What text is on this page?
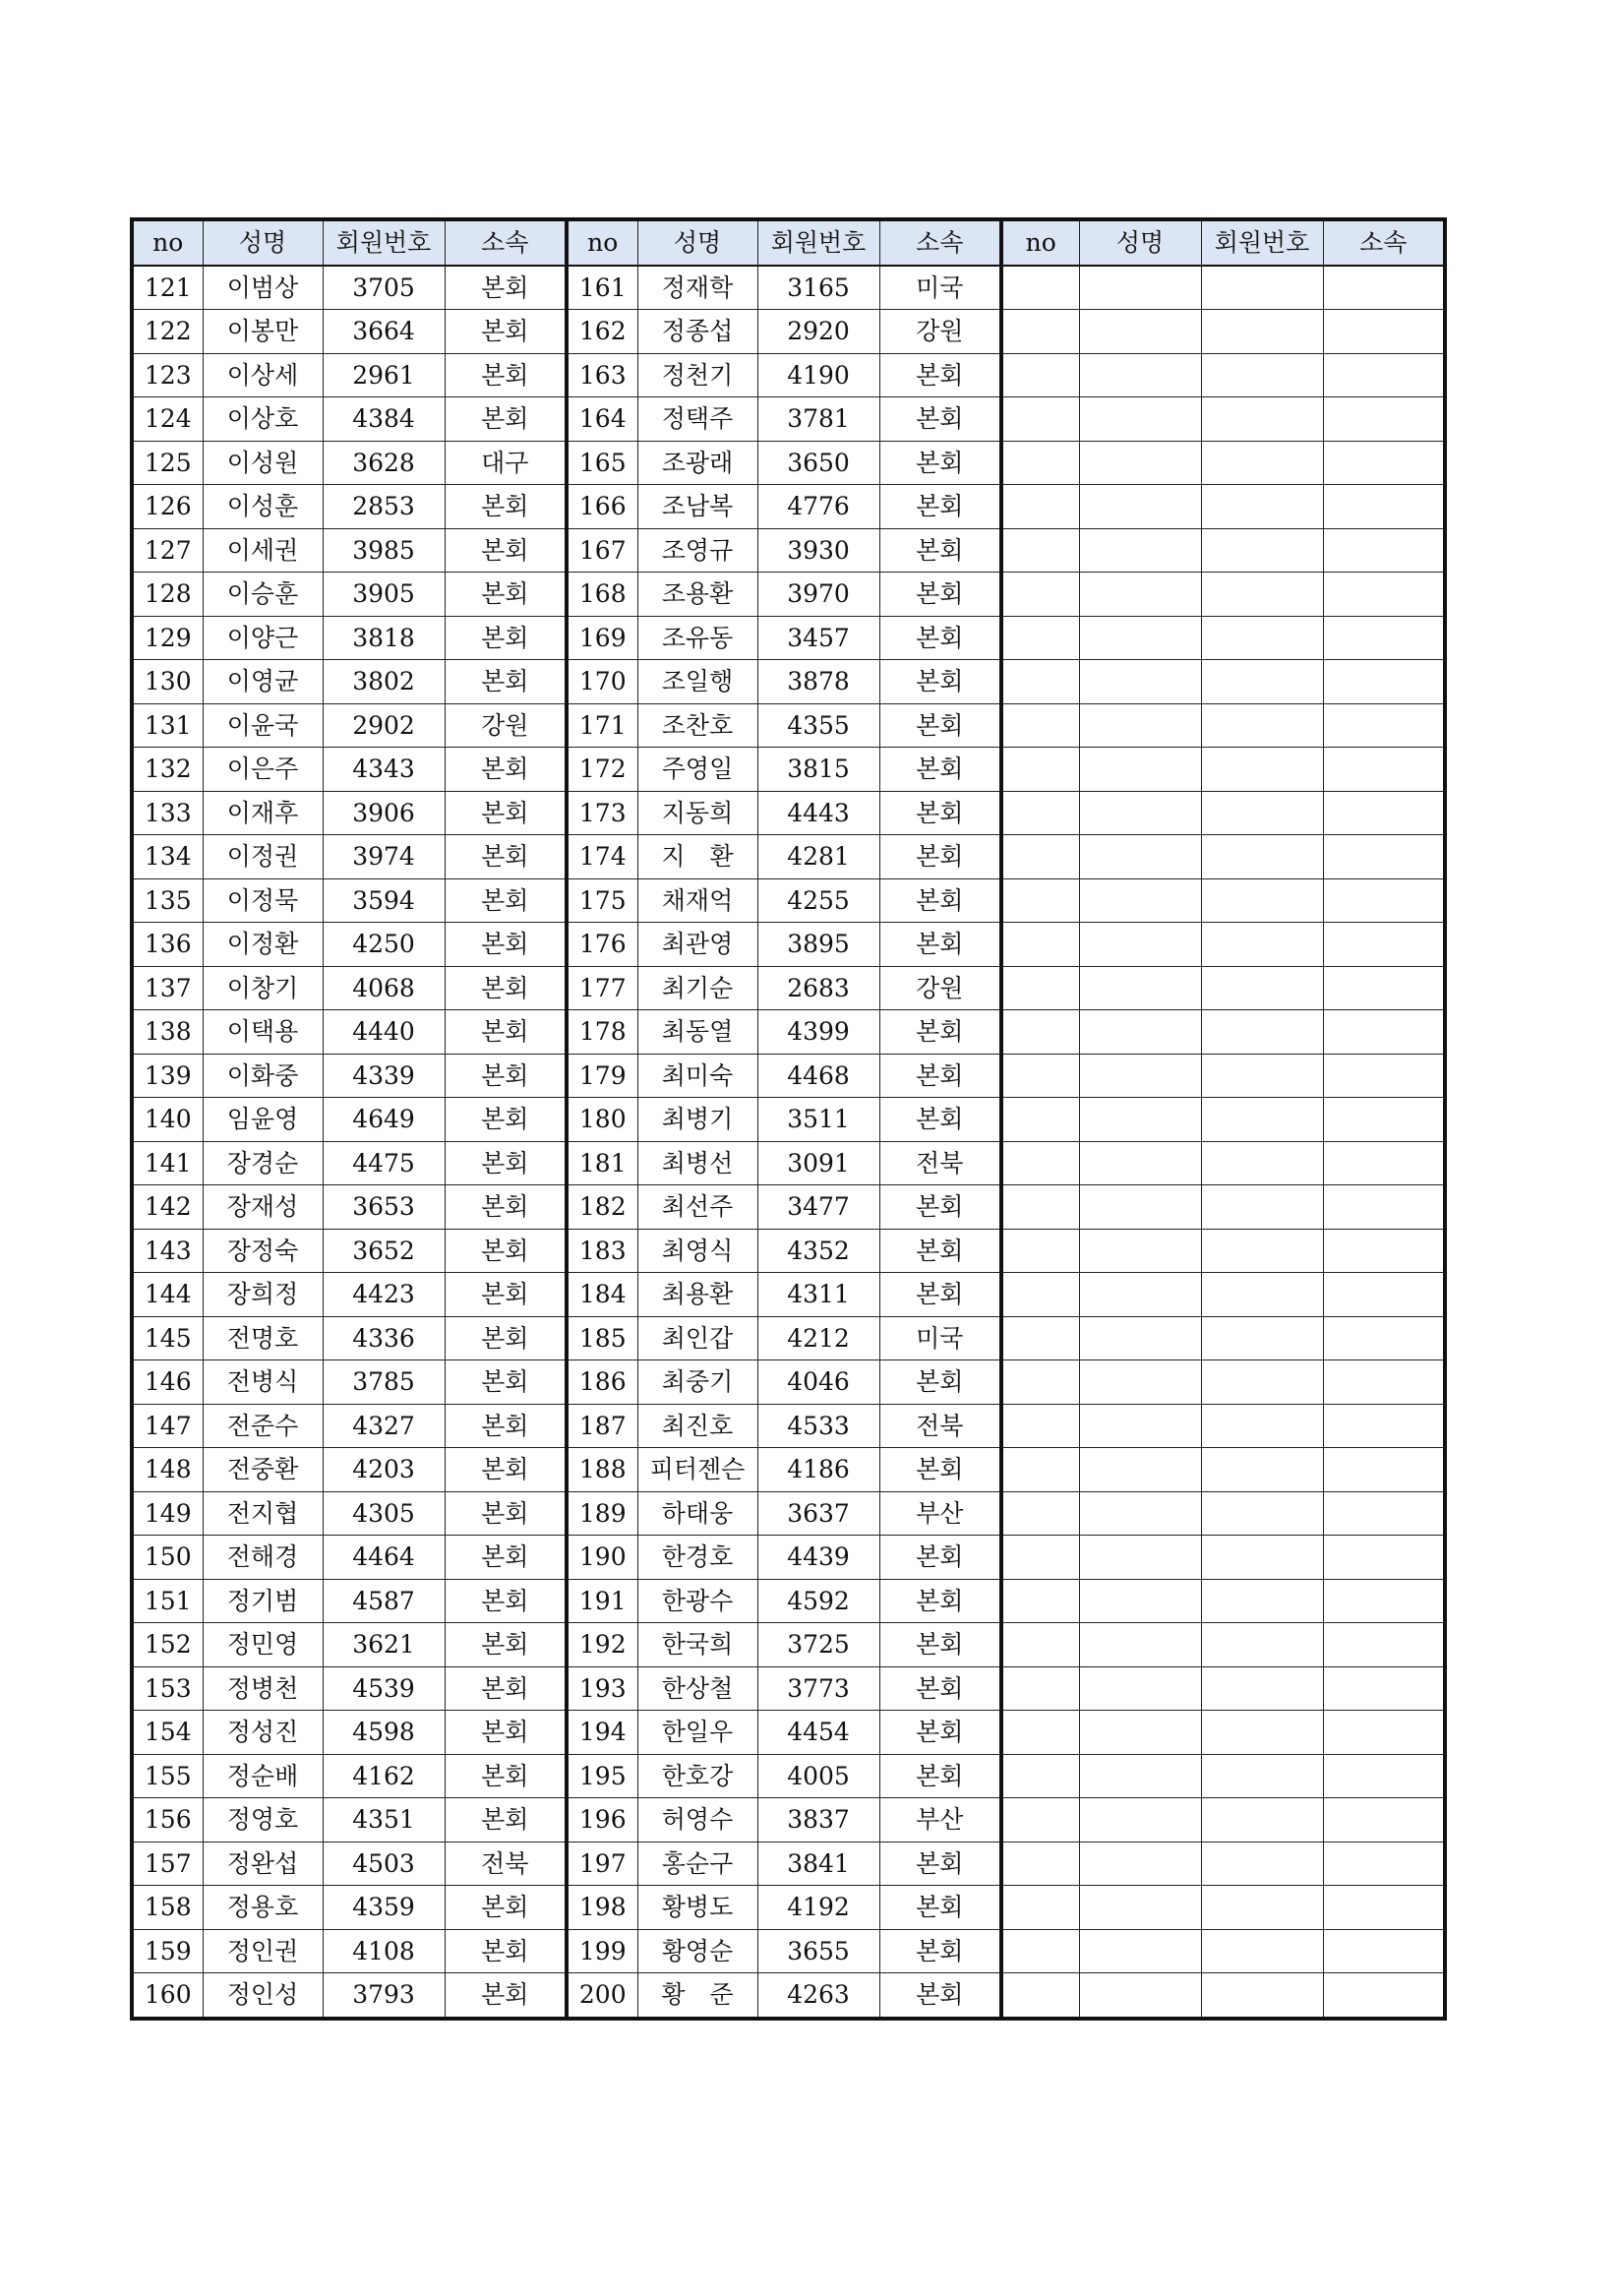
no	성명	회원번호	소속	no	성명	회원번호	소속	no	성명	회원번호	소속
121	이범상	3705	본회	161	정재학	3165	미국				
122	이봉만	3664	본회	162	정종섭	2920	강원				
123	이상세	2961	본회	163	정천기	4190	본회				
124	이상호	4384	본회	164	정택주	3781	본회				
125	이성원	3628	대구	165	조광래	3650	본회				
126	이성훈	2853	본회	166	조남복	4776	본회				
127	이세권	3985	본회	167	조영규	3930	본회				
128	이승훈	3905	본회	168	조용환	3970	본회				
129	이양근	3818	본회	169	조유동	3457	본회				
130	이영균	3802	본회	170	조일행	3878	본회				
131	이윤국	2902	강원	171	조찬호	4355	본회				
132	이은주	4343	본회	172	주영일	3815	본회				
133	이재후	3906	본회	173	지동희	4443	본회				
134	이정권	3974	본회	174	지　환	4281	본회				
135	이정묵	3594	본회	175	채재억	4255	본회				
136	이정환	4250	본회	176	최관영	3895	본회				
137	이창기	4068	본회	177	최기순	2683	강원				
138	이택용	4440	본회	178	최동열	4399	본회				
139	이화중	4339	본회	179	최미숙	4468	본회				
140	임윤영	4649	본회	180	최병기	3511	본회				
141	장경순	4475	본회	181	최병선	3091	전북				
142	장재성	3653	본회	182	최선주	3477	본회				
143	장정숙	3652	본회	183	최영식	4352	본회				
144	장희정	4423	본회	184	최용환	4311	본회				
145	전명호	4336	본회	185	최인갑	4212	미국				
146	전병식	3785	본회	186	최중기	4046	본회				
147	전준수	4327	본회	187	최진호	4533	전북				
148	전중환	4203	본회	188	피터젠슨	4186	본회				
149	전지협	4305	본회	189	하태웅	3637	부산				
150	전해경	4464	본회	190	한경호	4439	본회				
151	정기범	4587	본회	191	한광수	4592	본회				
152	정민영	3621	본회	192	한국희	3725	본회				
153	정병천	4539	본회	193	한상철	3773	본회				
154	정성진	4598	본회	194	한일우	4454	본회				
155	정순배	4162	본회	195	한호강	4005	본회				
156	정영호	4351	본회	196	허영수	3837	부산				
157	정완섭	4503	전북	197	홍순구	3841	본회				
158	정용호	4359	본회	198	황병도	4192	본회				
159	정인권	4108	본회	199	황영순	3655	본회				
160	정인성	3793	본회	200	황　준	4263	본회				
